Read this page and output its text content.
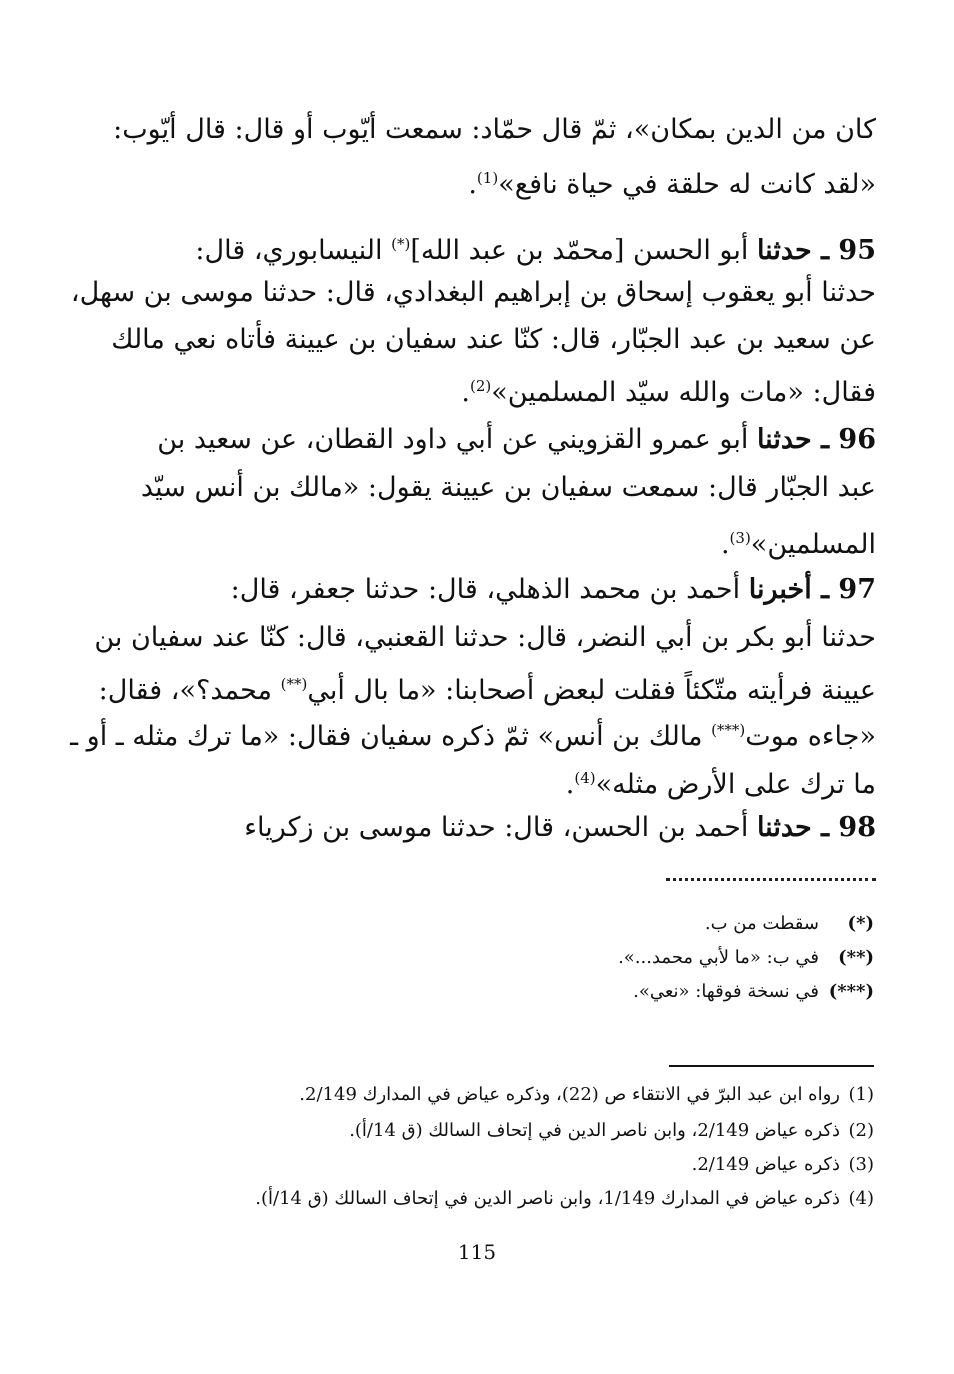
كان من الدين بمكان»، ثمّ قال حمّاد: سمعت أيّوب أو قال: قال أيّوب:
«لقد كانت له حلقة في حياة نافع»$^{(1)}$.
95 ـ حدثنا أبو الحسن [محمّد بن عبد الله](*) النيسابوري، قال:
حدثنا أبو يعقوب إسحاق بن إبراهيم البغدادي، قال: حدثنا موسى بن سهل،
عن سعيد بن عبد الجبّار، قال: كنّا عند سفيان بن عيينة فأتاه نعي مالك
فقال: «مات والله سيّد المسلمين»$^{(2)}$.
96 ـ حدثنا أبو عمرو القزويني عن أبي داود القطان، عن سعيد بن
عبد الجبّار قال: سمعت سفيان بن عيينة يقول: «مالك بن أنس سيّد
المسلمين»$^{(3)}$.
97 ـ أخبرنا أحمد بن محمد الذهلي، قال: حدثنا جعفر، قال:
حدثنا أبو بكر بن أبي النضر، قال: حدثنا القعنبي، قال: كنّا عند سفيان بن
عيينة فرأيته متّكئاً فقلت لبعض أصحابنا: «ما بال أبي(**) محمد؟»، فقال:
«جاءه موت(***) مالك بن أنس» ثمّ ذكره سفيان فقال: «ما ترك مثله ـ أو ـ
ما ترك على الأرض مثله»$^{(4)}$.
98 ـ حدثنا أحمد بن الحسن، قال: حدثنا موسى بن زكرياء
(*)سقطت من ب.
(**)في ب: «ما لأبي محمد...».
(***)في نسخة فوقها: «نعي».
(1)رواه ابن عبد البرّ في الانتقاء ص (22)، وذكره عياض في المدارك 2/149.
(2)ذكره عياض 2/149، وابن ناصر الدين في إتحاف السالك (ق 14/أ).
(3)ذكره عياض 2/149.
(4)ذكره عياض في المدارك 1/149، وابن ناصر الدين في إتحاف السالك (ق 14/أ).
115
